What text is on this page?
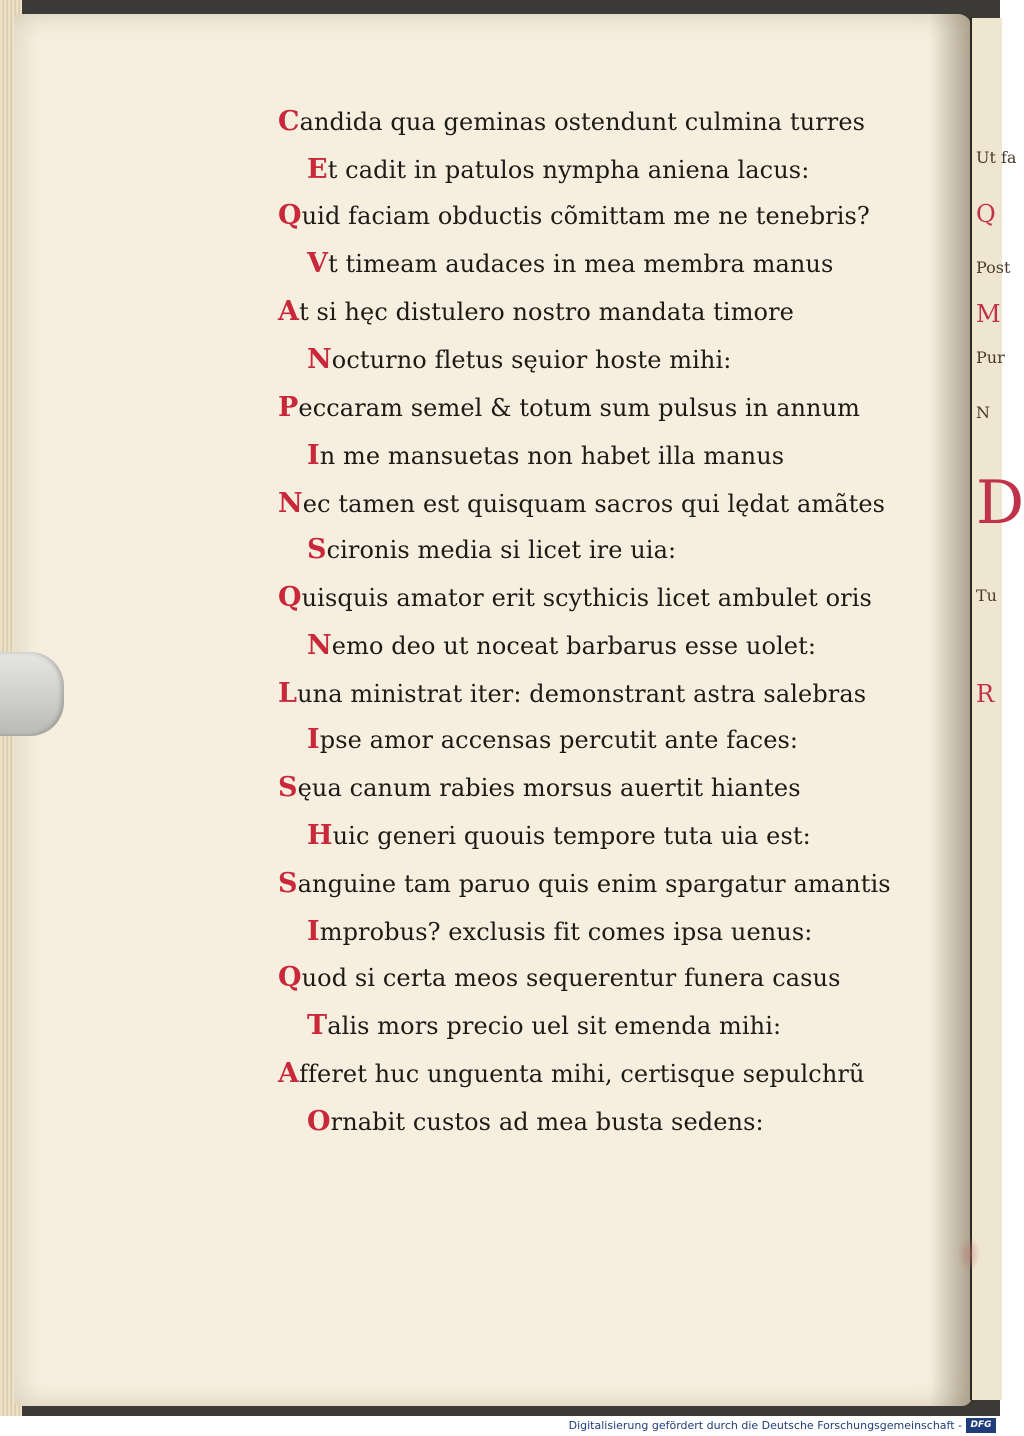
Ut fa
Q
Post
M
Pur
N
D
Tu
R
Candida qua geminas ostendunt culmina turres
Et cadit in patulos nympha aniena lacus:
Quid faciam obductis cõmittam me ne tenebris?
Vt timeam audaces in mea membra manus
At si hęc distulero nostro mandata timore
Nocturno fletus sęuior hoste mihi:
Peccaram semel & totum sum pulsus in annum
In me mansuetas non habet illa manus
Nec tamen est quisquam sacros qui lędat amãtes
Scironis media si licet ire uia:
Quisquis amator erit scythicis licet ambulet oris
Nemo deo ut noceat barbarus esse uolet:
Luna ministrat iter: demonstrant astra salebras
Ipse amor accensas percutit ante faces:
Sęua canum rabies morsus auertit hiantes
Huic generi quouis tempore tuta uia est:
Sanguine tam paruo quis enim spargatur amantis
Improbus? exclusis fit comes ipsa uenus:
Quod si certa meos sequerentur funera casus
Talis mors precio uel sit emenda mihi:
Afferet huc unguenta mihi, certisque sepulchrũ
Ornabit custos ad mea busta sedens:
Digitalisierung gefördert durch die Deutsche Forschungsgemeinschaft - DFG
